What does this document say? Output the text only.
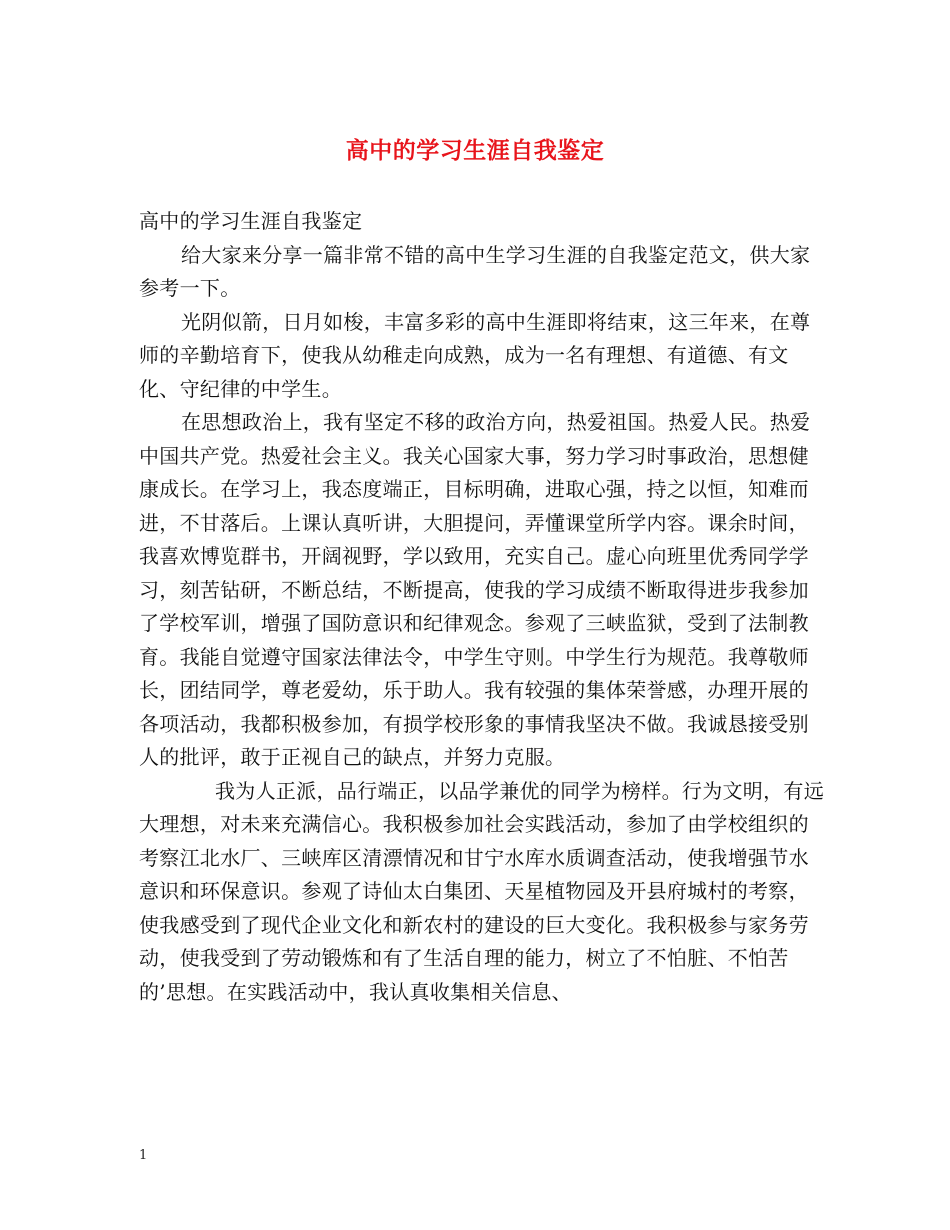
高中的学习生涯自我鉴定

高中的学习生涯自我鉴定

给大家来分享一篇非常不错的高中生学习生涯的自我鉴定范文，供大家参考一下。

光阴似箭，日月如梭，丰富多彩的高中生涯即将结束，这三年来，在尊师的辛勤培育下，使我从幼稚走向成熟，成为一名有理想、有道德、有文化、守纪律的中学生。

在思想政治上，我有坚定不移的政治方向，热爱祖国。热爱人民。热爱中国共产党。热爱社会主义。我关心国家大事，努力学习时事政治，思想健康成长。在学习上，我态度端正，目标明确，进取心强，持之以恒，知难而进，不甘落后。上课认真听讲，大胆提问，弄懂课堂所学内容。课余时间，我喜欢博览群书，开阔视野，学以致用，充实自己。虚心向班里优秀同学学习，刻苦钻研，不断总结，不断提高，使我的学习成绩不断取得进步我参加了学校军训，增强了国防意识和纪律观念。参观了三峡监狱，受到了法制教育。我能自觉遵守国家法律法令，中学生守则。中学生行为规范。我尊敬师长，团结同学，尊老爱幼，乐于助人。我有较强的集体荣誉感，办理开展的各项活动，我都积极参加，有损学校形象的事情我坚决不做。我诚恳接受别人的批评，敢于正视自己的缺点，并努力克服。

我为人正派，品行端正，以品学兼优的同学为榜样。行为文明，有远大理想，对未来充满信心。我积极参加社会实践活动，参加了由学校组织的考察江北水厂、三峡库区清漂情况和甘宁水库水质调查活动，使我增强节水意识和环保意识。参观了诗仙太白集团、天星植物园及开县府城村的考察，使我感受到了现代企业文化和新农村的建设的巨大变化。我积极参与家务劳动，使我受到了劳动锻炼和有了生活自理的能力，树立了不怕脏、不怕苦的’思想。在实践活动中，我认真收集相关信息、

1
